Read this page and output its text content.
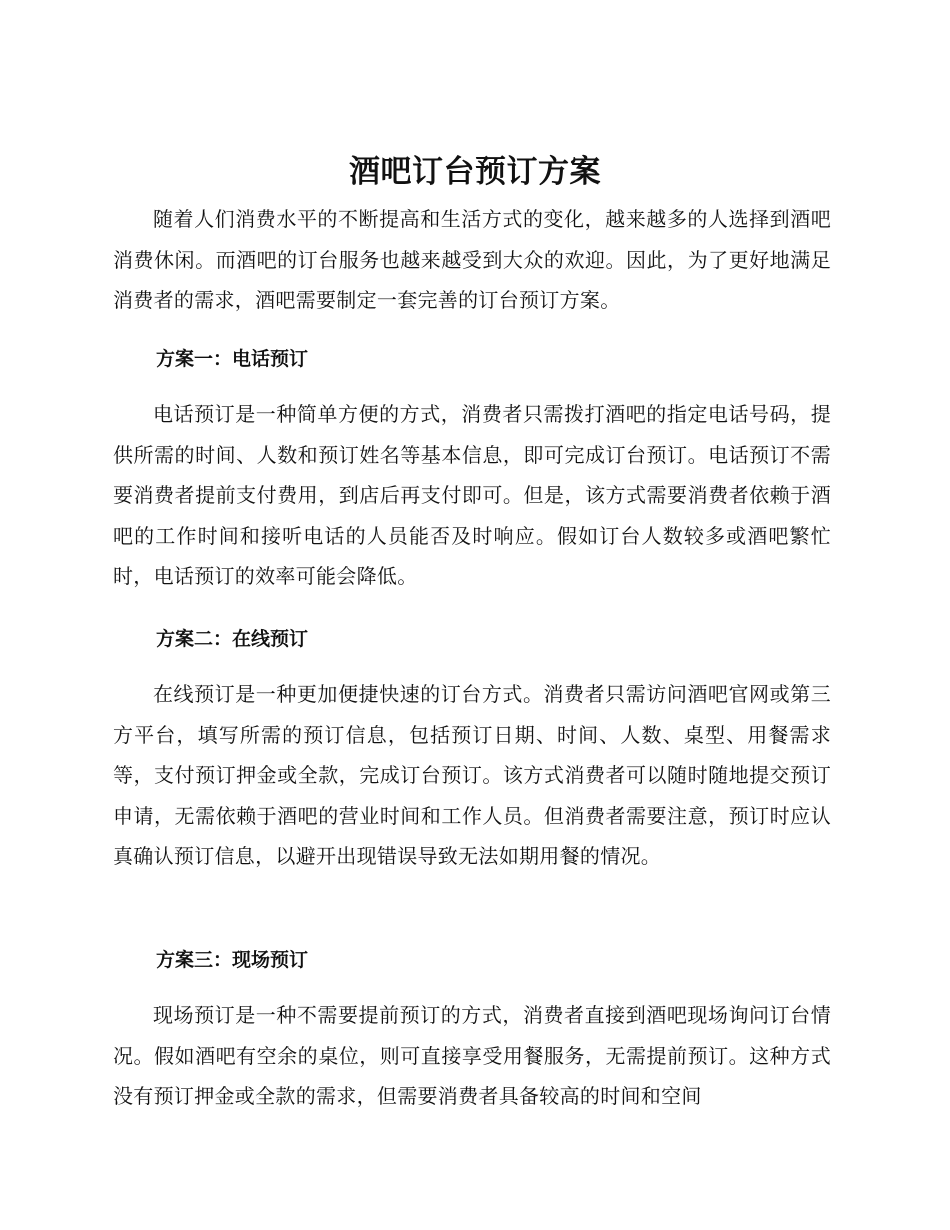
酒吧订台预订方案

随着人们消费水平的不断提高和生活方式的变化，越来越多的人选择到酒吧消费休闲。而酒吧的订台服务也越来越受到大众的欢迎。因此，为了更好地满足消费者的需求，酒吧需要制定一套完善的订台预订方案。

方案一：电话预订

电话预订是一种简单方便的方式，消费者只需拨打酒吧的指定电话号码，提供所需的时间、人数和预订姓名等基本信息，即可完成订台预订。电话预订不需要消费者提前支付费用，到店后再支付即可。但是，该方式需要消费者依赖于酒吧的工作时间和接听电话的人员能否及时响应。假如订台人数较多或酒吧繁忙时，电话预订的效率可能会降低。

方案二：在线预订

在线预订是一种更加便捷快速的订台方式。消费者只需访问酒吧官网或第三方平台，填写所需的预订信息，包括预订日期、时间、人数、桌型、用餐需求等，支付预订押金或全款，完成订台预订。该方式消费者可以随时随地提交预订申请，无需依赖于酒吧的营业时间和工作人员。但消费者需要注意，预订时应认真确认预订信息，以避开出现错误导致无法如期用餐的情况。

方案三：现场预订

现场预订是一种不需要提前预订的方式，消费者直接到酒吧现场询问订台情况。假如酒吧有空余的桌位，则可直接享受用餐服务，无需提前预订。这种方式没有预订押金或全款的需求，但需要消费者具备较高的时间和空间
